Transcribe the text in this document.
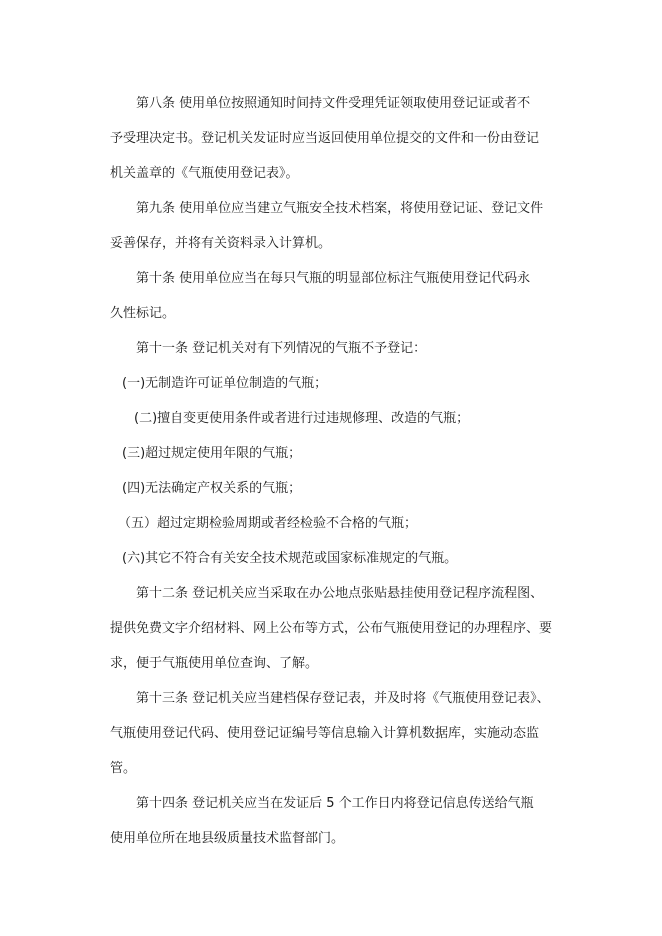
第八条 使用单位按照通知时间持文件受理凭证领取使用登记证或者不

予受理决定书。登记机关发证时应当返回使用单位提交的文件和一份由登记

机关盖章的《气瓶使用登记表》。

第九条 使用单位应当建立气瓶安全技术档案，将使用登记证、登记文件

妥善保存，并将有关资料录入计算机。

第十条 使用单位应当在每只气瓶的明显部位标注气瓶使用登记代码永

久性标记。

第十一条 登记机关对有下列情况的气瓶不予登记：

(一)无制造许可证单位制造的气瓶；

(二)擅自变更使用条件或者进行过违规修理、改造的气瓶；

(三)超过规定使用年限的气瓶；

(四)无法确定产权关系的气瓶；

（五）超过定期检验周期或者经检验不合格的气瓶；

(六)其它不符合有关安全技术规范或国家标准规定的气瓶。

第十二条 登记机关应当采取在办公地点张贴悬挂使用登记程序流程图、

提供免费文字介绍材料、网上公布等方式，公布气瓶使用登记的办理程序、要

求，便于气瓶使用单位查询、了解。

第十三条 登记机关应当建档保存登记表，并及时将《气瓶使用登记表》、

气瓶使用登记代码、使用登记证编号等信息输入计算机数据库，实施动态监

管。

第十四条 登记机关应当在发证后 5 个工作日内将登记信息传送给气瓶

使用单位所在地县级质量技术监督部门。
